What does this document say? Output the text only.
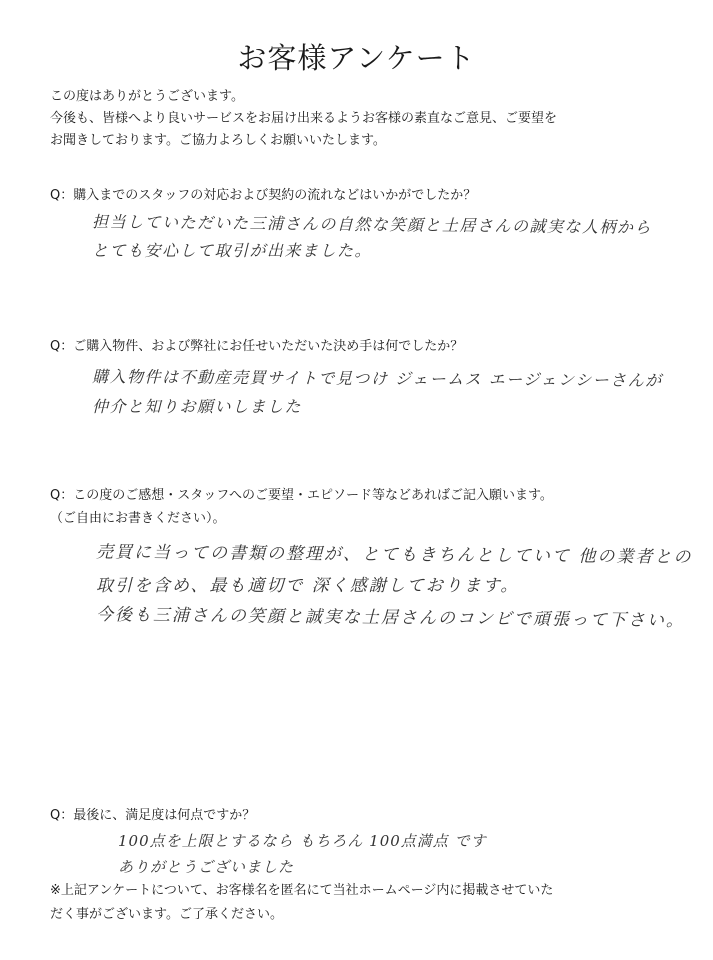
お客様アンケート
この度はありがとうございます。
今後も、皆様へより良いサービスをお届け出来るようお客様の素直なご意見、ご要望を
お聞きしております。ご協力よろしくお願いいたします。
Q：購入までのスタッフの対応および契約の流れなどはいかがでしたか？
担当していただいた三浦さんの自然な笑顔と土居さんの誠実な人柄から
とても安心して取引が出来ました。
Q：ご購入物件、および弊社にお任せいただいた決め手は何でしたか？
購入物件は不動産売買サイトで見つけ ジェームス エージェンシーさんが
仲介と知りお願いしました
Q：この度のご感想・スタッフへのご要望・エピソード等などあればご記入願います。
（ご自由にお書きください）。
売買に当っての書類の整理が、とてもきちんとしていて 他の業者との
取引を含め、最も適切で 深く感謝しております。
今後も三浦さんの笑顔と誠実な土居さんのコンビで頑張って下さい。
Q：最後に、満足度は何点ですか？
100点を上限とするなら もちろん 100点満点 です
ありがとうございました
※上記アンケートについて、お客様名を匿名にて当社ホームページ内に掲載させていた
だく事がございます。ご了承ください。
